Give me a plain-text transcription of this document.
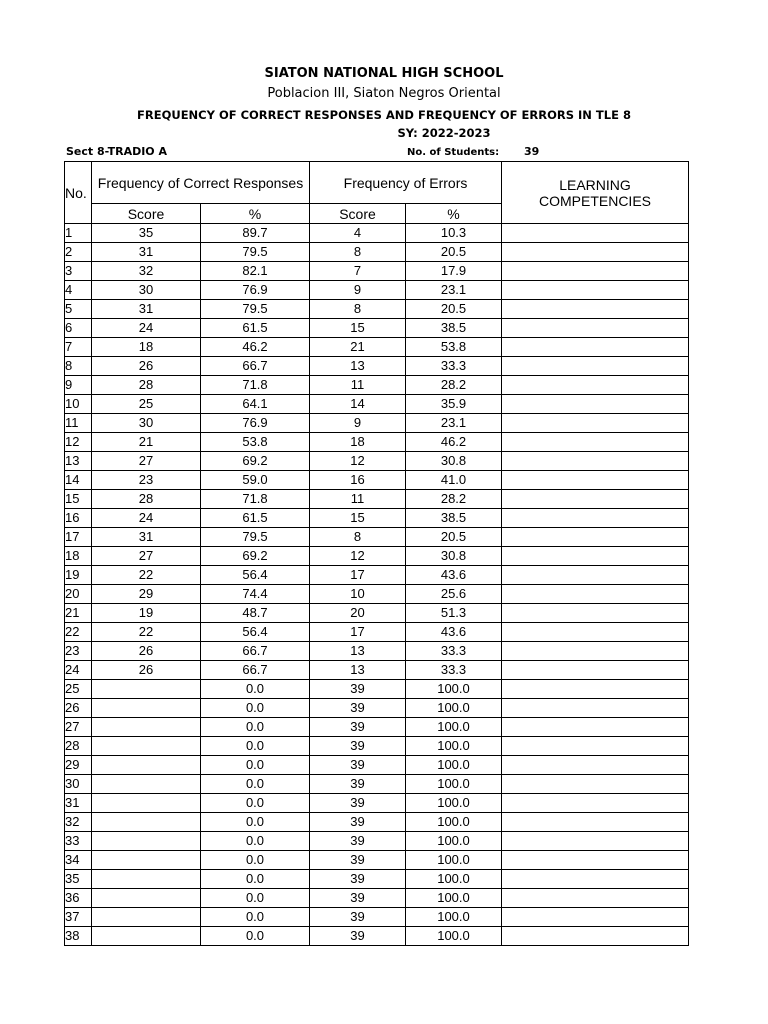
SIATON NATIONAL HIGH SCHOOL
Poblacion III, Siaton Negros Oriental
FREQUENCY OF CORRECT RESPONSES AND FREQUENCY OF ERRORS IN TLE 8
SY: 2022-2023
Sect 8-TRADIO A	No. of Students: 39
No.	Frequency of Correct Responses		Frequency of Errors		LEARNING COMPETENCIES
	Score	%	Score	%	
1	35	89.7	4	10.3	
2	31	79.5	8	20.5	
3	32	82.1	7	17.9	
4	30	76.9	9	23.1	
5	31	79.5	8	20.5	
6	24	61.5	15	38.5	
7	18	46.2	21	53.8	
8	26	66.7	13	33.3	
9	28	71.8	11	28.2	
10	25	64.1	14	35.9	
11	30	76.9	9	23.1	
12	21	53.8	18	46.2	
13	27	69.2	12	30.8	
14	23	59.0	16	41.0	
15	28	71.8	11	28.2	
16	24	61.5	15	38.5	
17	31	79.5	8	20.5	
18	27	69.2	12	30.8	
19	22	56.4	17	43.6	
20	29	74.4	10	25.6	
21	19	48.7	20	51.3	
22	22	56.4	17	43.6	
23	26	66.7	13	33.3	
24	26	66.7	13	33.3	
25		0.0	39	100.0	
26		0.0	39	100.0	
27		0.0	39	100.0	
28		0.0	39	100.0	
29		0.0	39	100.0	
30		0.0	39	100.0	
31		0.0	39	100.0	
32		0.0	39	100.0	
33		0.0	39	100.0	
34		0.0	39	100.0	
35		0.0	39	100.0	
36		0.0	39	100.0	
37		0.0	39	100.0	
38		0.0	39	100.0	
